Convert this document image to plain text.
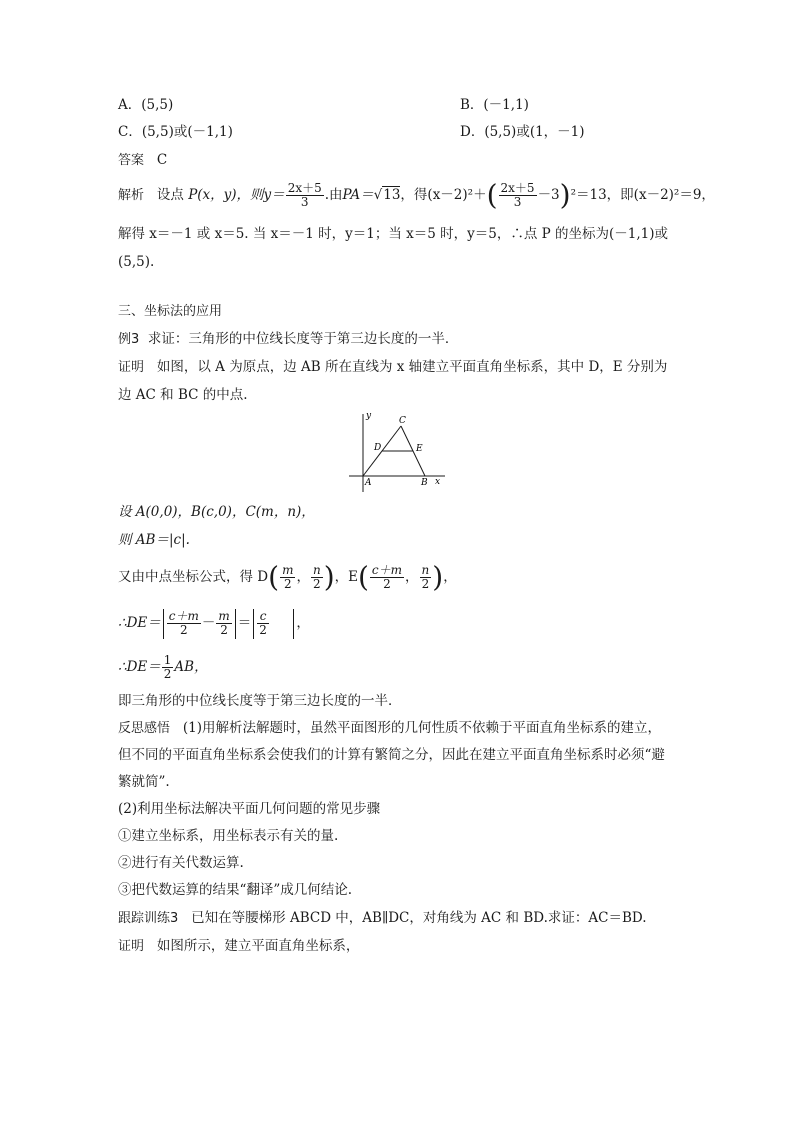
A．(5,5)	B．(－1,1)
C．(5,5)或(－1,1)	D．(5,5)或(1，－1)
答案 C
解析 设点 P(x，y)，则$y= \frac{2x+5}{3}$ .由PA＝√13，得$(x-2)^2+( \frac{2x+5}{3} -3)^2=13$，即(x－2)²＝9，
解得 x＝－1 或 x＝5. 当 x＝－1 时，y＝1；当 x＝5 时，y＝5，∴点 P 的坐标为(－1,1)或
(5,5).
三、坐标法的应用
例3 求证：三角形的中位线长度等于第三边长度的一半．
证明 如图，以 A 为原点，边 AB 所在直线为 x 轴建立平面直角坐标系，其中 D，E 分别为
边 AC 和 BC 的中点.
y
x
A	B
C
D	E
设 A(0,0)，B(c,0)，C(m，n)，
则 AB＝|c|.
又由中点坐标公式，得 $D( \frac{m}{2}$ ， $\frac{n}{2}$ )，$E( \frac{c+m}{2}$ ， $\frac{n}{2}$ )，
∴DE＝ $\frac{c+m}{2} - \frac{m}{2} = \frac{c}{2}$ ，
∴DE＝ $\frac{1}{2}$ AB，
即三角形的中位线长度等于第三边长度的一半．
反思感悟 (1)用解析法解题时，虽然平面图形的几何性质不依赖于平面直角坐标系的建立，
但不同的平面直角坐标系会使我们的计算有繁简之分，因此在建立平面直角坐标系时必须“避
繁就简”.
(2)利用坐标法解决平面几何问题的常见步骤
①建立坐标系，用坐标表示有关的量.
②进行有关代数运算.
③把代数运算的结果“翻译”成几何结论.
跟踪训练3 已知在等腰梯形 ABCD 中，AB∥DC，对角线为 AC 和 BD.求证：AC＝BD.
证明 如图所示，建立平面直角坐标系，
